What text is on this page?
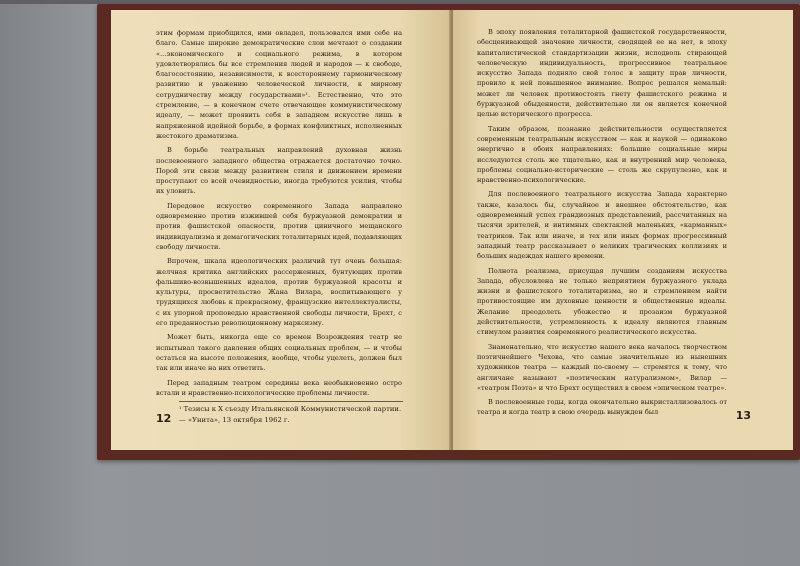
этим формам приобщился, ими овладел, пользовался ими себе на благо. Самые широкие демократические слои мечтают о создании «…экономического и социального режима, в котором удовлетворялись бы все стремления людей и народов — к свободе, благосостоянию, независимости, к всестороннему гармоническому развитию и уважению человеческой личности, к мирному сотрудничеству между государствами»¹. Естественно, что это стремление, — в конечном счете отвечающее коммунистическому идеалу, — может проявить себя в западном искусстве лишь в напряженной идейной борьбе, в формах конфликтных, исполненных жестокого драматизма.

В борьбе театральных направлений духовная жизнь послевоенного западного общества отражается достаточно точно. Порой эти связи между развитием стиля и движением времени проступают со всей очевидностью, иногда требуются усилия, чтобы их уловить.

Передовое искусство современного Запада направлено одновременно против изжившей себя буржуазной демократии и против фашистской опасности, против циничного мещанского индивидуализма и демагогических тоталитарных идей, подавляющих свободу личности.

Впрочем, шкала идеологических различий тут очень большая: желчная критика английских рассерженных, бунтующих против фальшиво-возвышенных идеалов, против буржуазной красоты и культуры, просветительство Жана Вилара, воспитывающего у трудящихся любовь к прекрасному, французские интеллектуалисты, с их упорной проповедью нравственной свободы личности, Брехт, с его преданностью революционному марксизму.

Может быть, никогда еще со времен Возрождения театр не испытывал такого давления общих социальных проблем, — и чтобы остаться на высоте положения, вообще, чтобы уцелеть, должен был так или иначе на них ответить.

Перед западным театром середины века необыкновенно остро встали и нравственно-психологические проблемы личности.

¹ Тезисы к X съезду Итальянской Коммунистической партии. — «Унита», 13 октября 1962 г.
12

В эпоху появления тоталитарной фашистской государственности, обесценивающей значение личности, сводящей ее на нет, в эпоху капиталистической стандартизации жизни, исподволь стирающей человеческую индивидуальность, прогрессивное театральное искусство Запада подняло свой голос в защиту прав личности, провило к ней повышенное внимание. Вопрос решался немалый: может ли человек противостоять гнету фашистского режима и буржуазной обыденности, действительно ли он является конечной целью исторического прогресса.

Таким образом, познание действительности осуществляется современным театральным искусством — как и наукой — одинаково энергично в обоих направлениях: большие социальные миры исследуются столь же тщательно, как и внутренний мир человека, проблемы социально-исторические — столь же скрупулезно, как и нравственно-психологические.

Для послевоенного театрального искусства Запада характерно также, казалось бы, случайное и внешнее обстоятельство, как одновременный успех грандиозных представлений, рассчитанных на тысячи зрителей, и интимных спектаклей маленьких, «карманных» театриков. Так или иначе, и тех или иных формах прогрессивный западный театр рассказывает о великих трагических коллизиях и больших надеждах нашего времени.

Полнота реализма, присущая лучшим созданиям искусства Запада, обусловлена не только неприятием буржуазного уклада жизни и фашистского тоталитаризма, но и стремлением найти противостоящие им духовные ценности и общественные идеалы. Желание преодолеть убожество и прозаизм буржуазной действительности, устремленность к идеалу являются главным стимулом развития современного реалистического искусства.

Знаменательно, что искусство нашего века началось творчеством поэтичнейшего Чехова, что самые значительные из нынешних художников театра — каждый по-своему — стремятся к тому, что англичане называют «поэтическим натурализмом», Вилар — «театром Поэта» и что Брехт осуществил в своем «эпическом театре».

В послевоенные годы, когда окончательно выкристаллизовалось от театра и когда театр в свою очередь вынужден был	13
